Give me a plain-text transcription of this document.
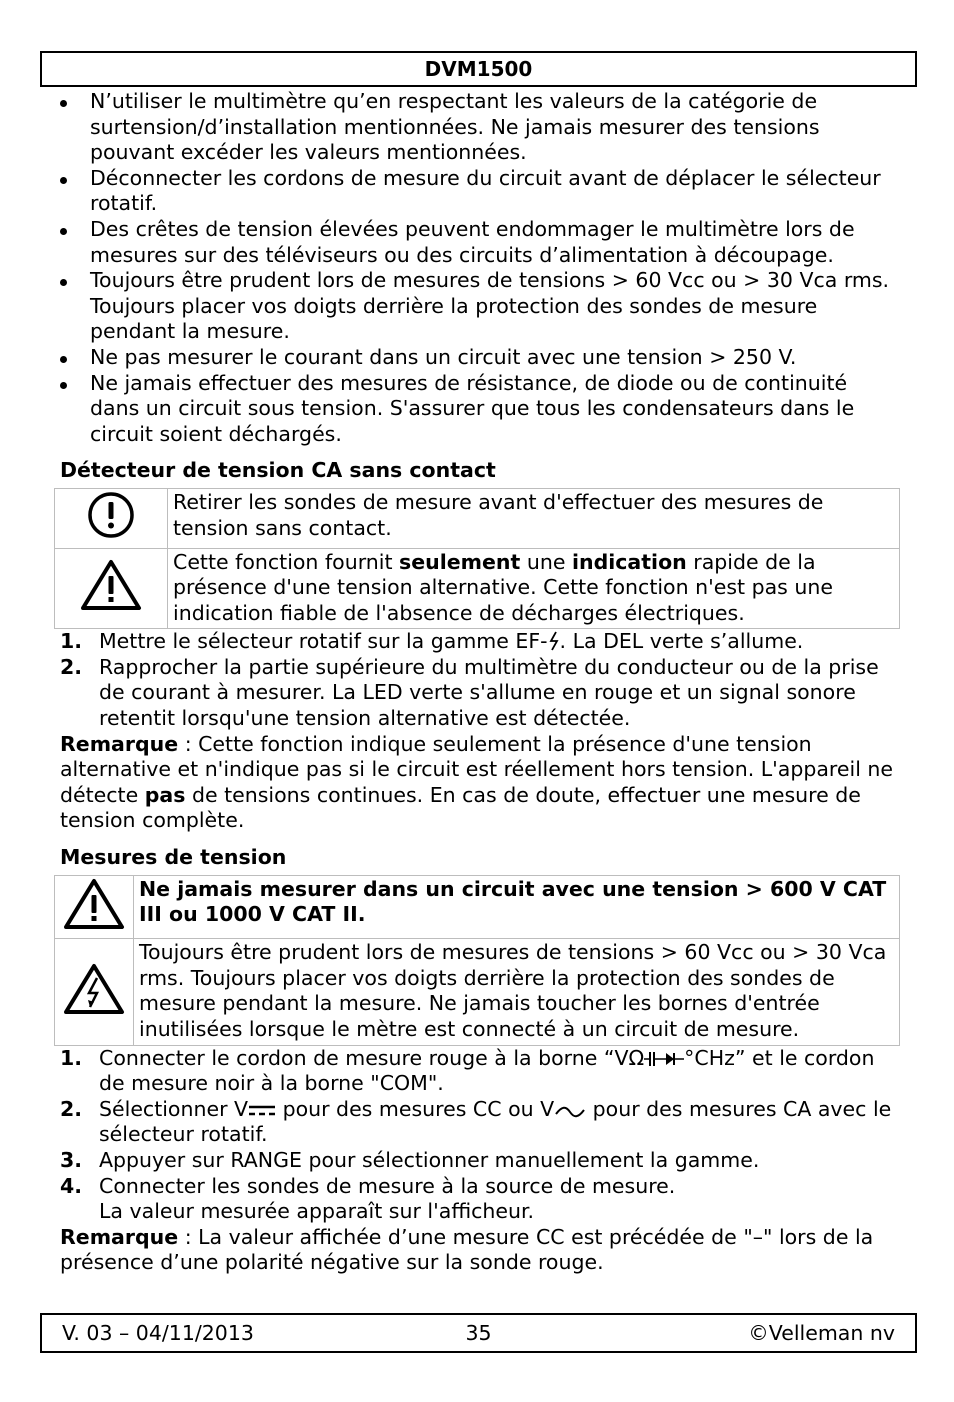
DVM1500
N’utiliser le multimètre qu’en respectant les valeurs de la catégorie de surtension/d’installation mentionnées. Ne jamais mesurer des tensions pouvant excéder les valeurs mentionnées.
Déconnecter les cordons de mesure du circuit avant de déplacer le sélecteur rotatif.
Des crêtes de tension élevées peuvent endommager le multimètre lors de mesures sur des téléviseurs ou des circuits d’alimentation à découpage.
Toujours être prudent lors de mesures de tensions > 60 Vcc ou > 30 Vca rms. Toujours placer vos doigts derrière la protection des sondes de mesure pendant la mesure.
Ne pas mesurer le courant dans un circuit avec une tension > 250 V.
Ne jamais effectuer des mesures de résistance, de diode ou de continuité dans un circuit sous tension. S'assurer que tous les condensateurs dans le circuit soient déchargés.
Détecteur de tension CA sans contact
	Retirer les sondes de mesure avant d'effectuer des mesures de tension sans contact.
	Cette fonction fournit seulement une indication rapide de la présence d'une tension alternative. Cette fonction n'est pas une indication fiable de l'absence de décharges électriques.
1. Mettre le sélecteur rotatif sur la gamme EF- . La DEL verte s’allume.
2. Rapprocher la partie supérieure du multimètre du conducteur ou de la prise de courant à mesurer. La LED verte s'allume en rouge et un signal sonore retentit lorsqu'une tension alternative est détectée.

Remarque : Cette fonction indique seulement la présence d'une tension alternative et n'indique pas si le circuit est réellement hors tension. L'appareil ne détecte pas de tensions continues. En cas de doute, effectuer une mesure de tension complète.

Mesures de tension
	Ne jamais mesurer dans un circuit avec une tension > 600 V CAT III ou 1000 V CAT II.
	Toujours être prudent lors de mesures de tensions > 60 Vcc ou > 30 Vca rms. Toujours placer vos doigts derrière la protection des sondes de mesure pendant la mesure. Ne jamais toucher les bornes d'entrée inutilisées lorsque le mètre est connecté à un circuit de mesure.
1. Connecter le cordon de mesure rouge à la borne “VΩ °CHz” et le cordon de mesure noir à la borne "COM".
2. Sélectionner V pour des mesures CC ou V pour des mesures CA avec le sélecteur rotatif.
3. Appuyer sur RANGE pour sélectionner manuellement la gamme.
4. Connecter les sondes de mesure à la source de mesure.
La valeur mesurée apparaît sur l'afficheur.

Remarque : La valeur affichée d’une mesure CC est précédée de "–" lors de la présence d’une polarité négative sur la sonde rouge.

V. 03 – 04/11/2013	35	©Velleman nv
